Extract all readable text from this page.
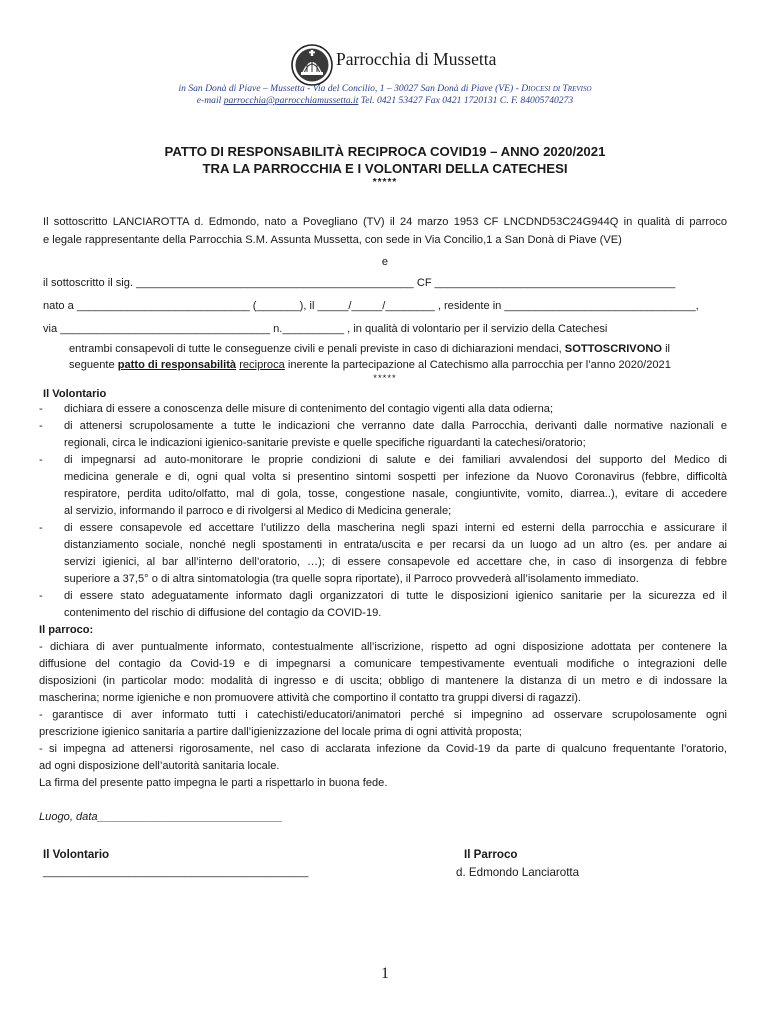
Parrocchia di Mussetta
in San Donà di Piave – Mussetta - Via del Concilio, 1 – 30027 San Donà di Piave (VE) - Diocesi di Treviso
e-mail parrocchia@parrocchiamussetta.it Tel. 0421 53427 Fax 0421 1720131 C. F. 84005740273
PATTO DI RESPONSABILITÀ RECIPROCA COVID19 – ANNO 2020/2021
TRA LA PARROCCHIA E I VOLONTARI DELLA CATECHESI
*****
Il sottoscritto LANCIAROTTA d. Edmondo, nato a Povegliano (TV) il 24 marzo 1953 CF LNCDND53C24G944Q in qualità di parroco
e legale rappresentante della Parrocchia S.M. Assunta Mussetta, con sede in Via Concilio,1 a San Donà di Piave (VE)
e
il sottoscritto il sig. _____________________________________________ CF _______________________________________
nato a ____________________________ (_______), il _____/_____/________ , residente in _______________________________,
via __________________________________ n.__________ , in qualità di volontario per il servizio della Catechesi
entrambi consapevoli di tutte le conseguenze civili e penali previste in caso di dichiarazioni mendaci, SOTTOSCRIVONO il
seguente patto di responsabilità reciproca inerente la partecipazione al Catechismo alla parrocchia per l’anno 2020/2021
*****
Il Volontario
- dichiara di essere a conoscenza delle misure di contenimento del contagio vigenti alla data odierna;
- di attenersi scrupolosamente a tutte le indicazioni che verranno date dalla Parrocchia, derivanti dalle normative nazionali e
regionali, circa le indicazioni igienico-sanitarie previste e quelle specifiche riguardanti la catechesi/oratorio;
- di impegnarsi ad auto-monitorare le proprie condizioni di salute e dei familiari avvalendosi del supporto del Medico di
medicina generale e di, ogni qual volta si presentino sintomi sospetti per infezione da Nuovo Coronavirus (febbre, difficoltà
respiratore, perdita udito/olfatto, mal di gola, tosse, congestione nasale, congiuntivite, vomito, diarrea..), evitare di accedere
al servizio, informando il parroco e di rivolgersi al Medico di Medicina generale;
- di essere consapevole ed accettare l’utilizzo della mascherina negli spazi interni ed esterni della parrocchia e assicurare il
distanziamento sociale, nonché negli spostamenti in entrata/uscita e per recarsi da un luogo ad un altro (es. per andare ai
servizi igienici, al bar all’interno dell’oratorio, …); di essere consapevole ed accettare che, in caso di insorgenza di febbre
superiore a 37,5° o di altra sintomatologia (tra quelle sopra riportate), il Parroco provvederà all’isolamento immediato.
- di essere stato adeguatamente informato dagli organizzatori di tutte le disposizioni igienico sanitarie per la sicurezza ed il
contenimento del rischio di diffusione del contagio da COVID-19.
Il parroco:
- dichiara di aver puntualmente informato, contestualmente all’iscrizione, rispetto ad ogni disposizione adottata per contenere la
diffusione del contagio da Covid-19 e di impegnarsi a comunicare tempestivamente eventuali modifiche o integrazioni delle
disposizioni (in particolar modo: modalità di ingresso e di uscita; obbligo di mantenere la distanza di un metro e di indossare la
mascherina; norme igieniche e non promuovere attività che comportino il contatto tra gruppi diversi di ragazzi).
- garantisce di aver informato tutti i catechisti/educatori/animatori perché si impegnino ad osservare scrupolosamente ogni
prescrizione igienico sanitaria a partire dall’igienizzazione del locale prima di ogni attività proposta;
- si impegna ad attenersi rigorosamente, nel caso di acclarata infezione da Covid-19 da parte di qualcuno frequentante l’oratorio,
ad ogni disposizione dell’autorità sanitaria locale.
La firma del presente patto impegna le parti a rispettarlo in buona fede.
Luogo, data______________________________
Il Volontario
___________________________________________
Il Parroco
d. Edmondo Lanciarotta
1
